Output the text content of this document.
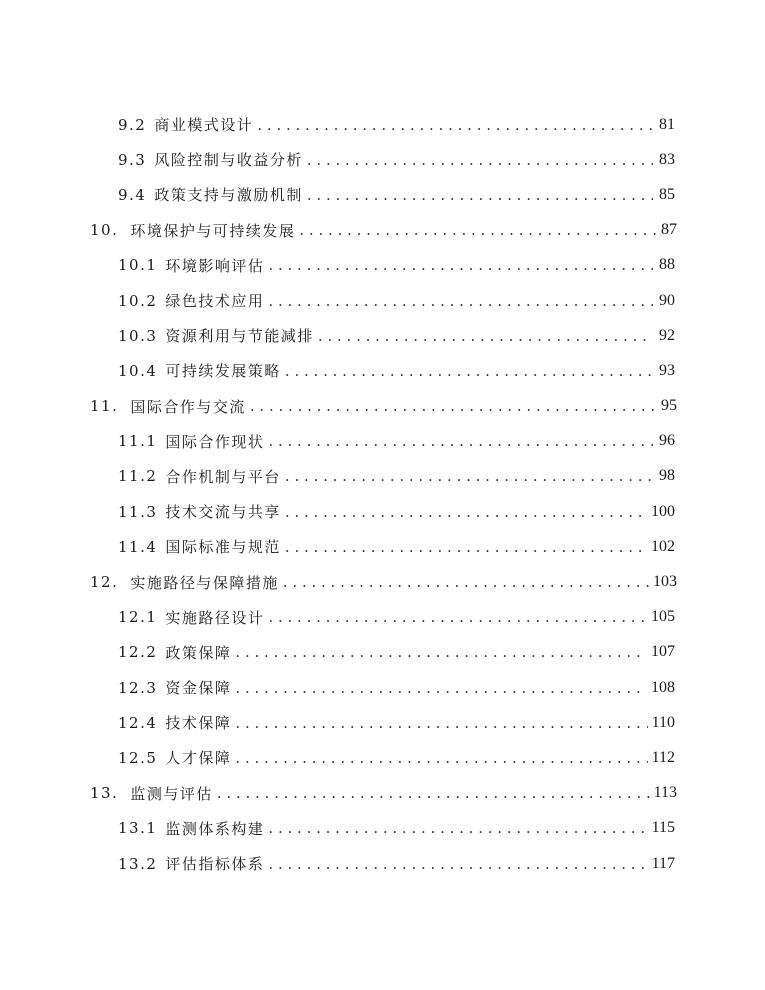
9.2 商业模式设计 . . .	81
9.3 风险控制与收益分析 . . .	83
9.4 政策支持与激励机制 . . .	85
10. 环境保护与可持续发展 . . .	87
10.1 环境影响评估 . . .	88
10.2 绿色技术应用 . . .	90
10.3 资源利用与节能减排 . . .	92
10.4 可持续发展策略 . . .	93
11. 国际合作与交流 . . .	95
11.1 国际合作现状 . . .	96
11.2 合作机制与平台 . . .	98
11.3 技术交流与共享 . . .	100
11.4 国际标准与规范 . . .	102
12. 实施路径与保障措施 . . .	103
12.1 实施路径设计 . . .	105
12.2 政策保障 . . .	107
12.3 资金保障 . . .	108
12.4 技术保障 . . .	110
12.5 人才保障 . . .	112
13. 监测与评估 . . .	113
13.1 监测体系构建 . . .	115
13.2 评估指标体系 . . .	117
